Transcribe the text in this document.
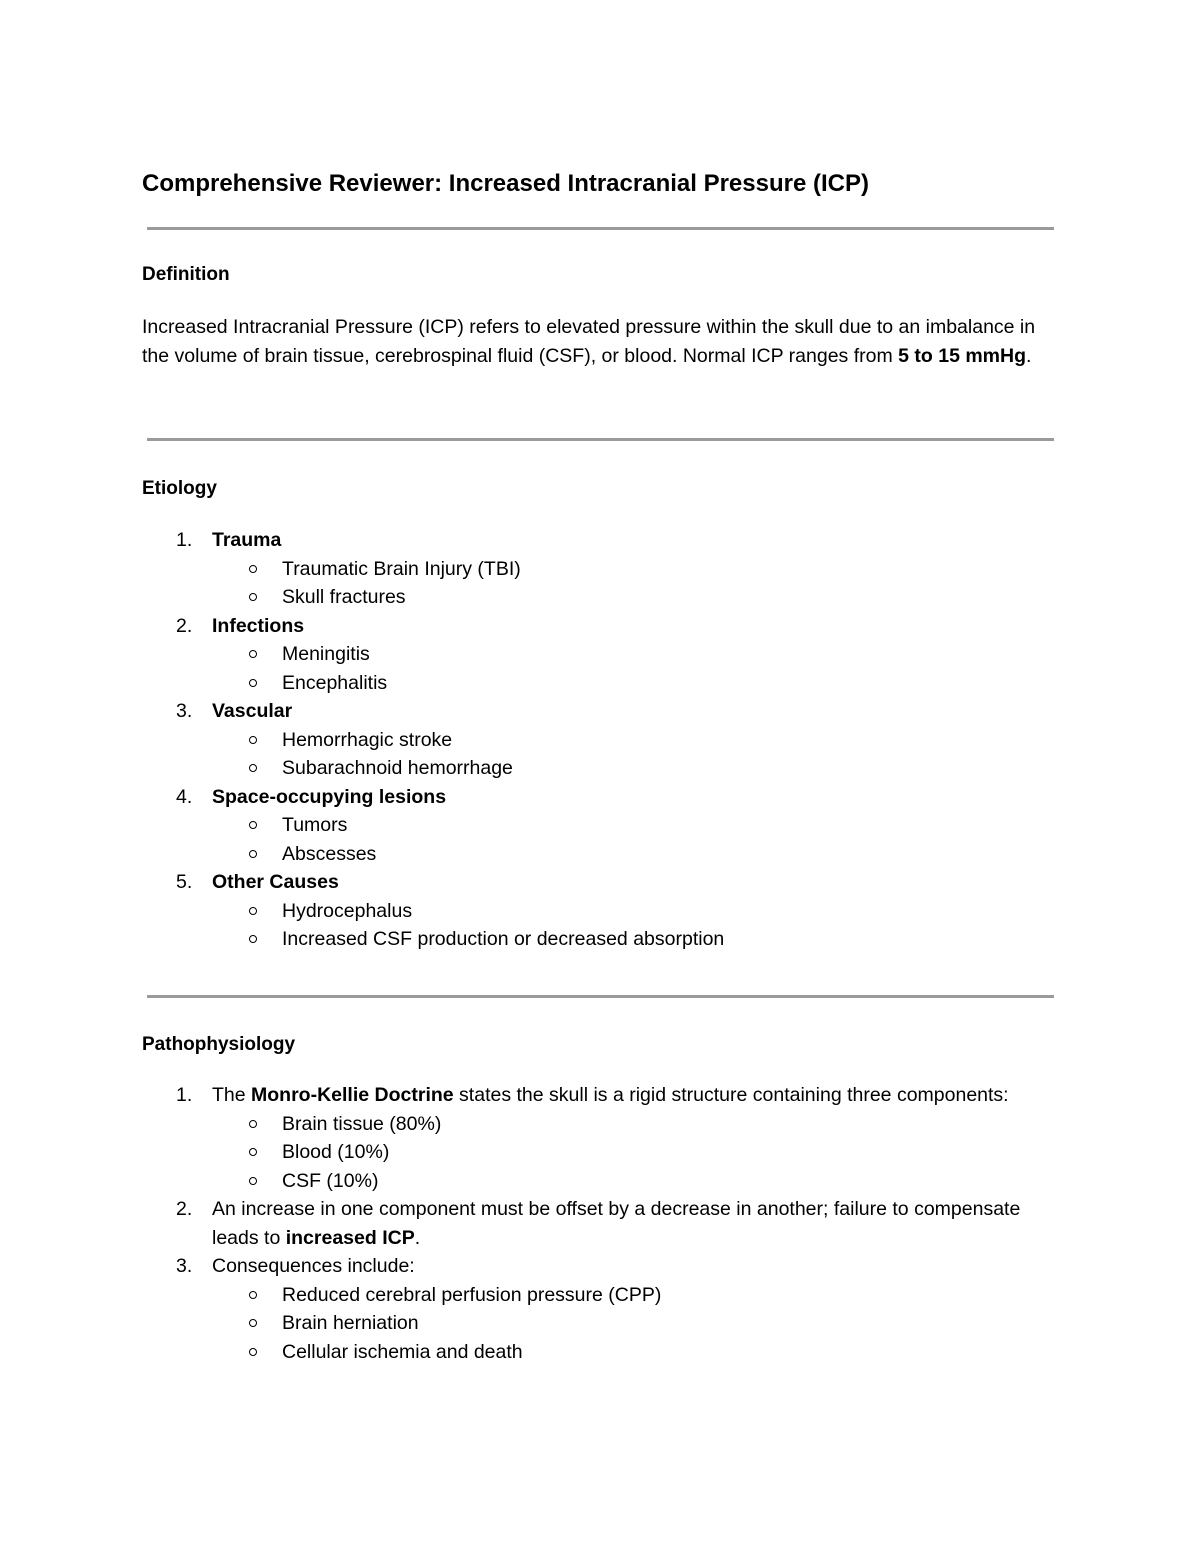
Comprehensive Reviewer: Increased Intracranial Pressure (ICP)
Definition

Increased Intracranial Pressure (ICP) refers to elevated pressure within the skull due to an imbalance in the volume of brain tissue, cerebrospinal fluid (CSF), or blood. Normal ICP ranges from 5 to 15 mmHg.

Etiology
1. Trauma
Traumatic Brain Injury (TBI)
Skull fractures
2. Infections
Meningitis
Encephalitis
3. Vascular
Hemorrhagic stroke
Subarachnoid hemorrhage
4. Space-occupying lesions
Tumors
Abscesses
5. Other Causes
Hydrocephalus
Increased CSF production or decreased absorption
Pathophysiology
1. The Monro-Kellie Doctrine states the skull is a rigid structure containing three components:
Brain tissue (80%)
Blood (10%)
CSF (10%)
2. An increase in one component must be offset by a decrease in another; failure to compensate leads to increased ICP.
3. Consequences include:
Reduced cerebral perfusion pressure (CPP)
Brain herniation
Cellular ischemia and death
